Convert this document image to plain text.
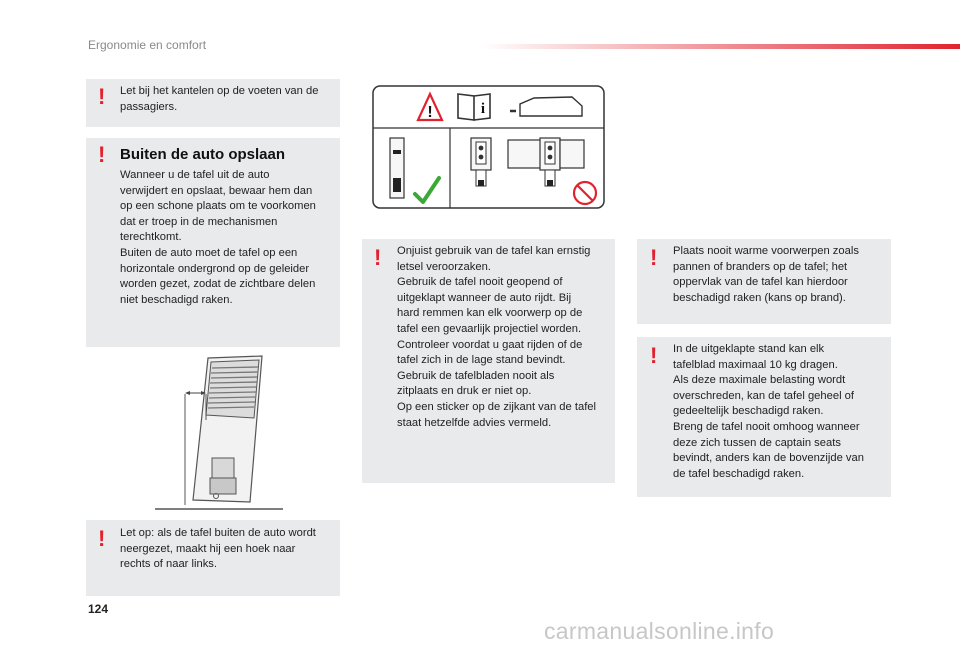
Ergonomie en comfort
! Let bij het kantelen op de voeten van de
passagiers.
! Buiten de auto opslaan
Wanneer u de tafel uit de auto
verwijdert en opslaat, bewaar hem dan
op een schone plaats om te voorkomen
dat er troep in de mechanismen
terechtkomt.
Buiten de auto moet de tafel op een
horizontale ondergrond op de geleider
worden gezet, zodat de zichtbare delen
niet beschadigd raken.
! Let op: als de tafel buiten de auto wordt
neergezet, maakt hij een hoek naar
rechts of naar links.
!	i
! Onjuist gebruik van de tafel kan ernstig
letsel veroorzaken.
Gebruik de tafel nooit geopend of
uitgeklapt wanneer de auto rijdt. Bij
hard remmen kan elk voorwerp op de
tafel een gevaarlijk projectiel worden.
Controleer voordat u gaat rijden of de
tafel zich in de lage stand bevindt.
Gebruik de tafelbladen nooit als
zitplaats en druk er niet op.
Op een sticker op de zijkant van de tafel
staat hetzelfde advies vermeld.
! Plaats nooit warme voorwerpen zoals
pannen of branders op de tafel; het
oppervlak van de tafel kan hierdoor
beschadigd raken (kans op brand).
! In de uitgeklapte stand kan elk
tafelblad maximaal 10 kg dragen.
Als deze maximale belasting wordt
overschreden, kan de tafel geheel of
gedeeltelijk beschadigd raken.
Breng de tafel nooit omhoog wanneer
deze zich tussen de captain seats
bevindt, anders kan de bovenzijde van
de tafel beschadigd raken.
124
carmanualsonline.info
